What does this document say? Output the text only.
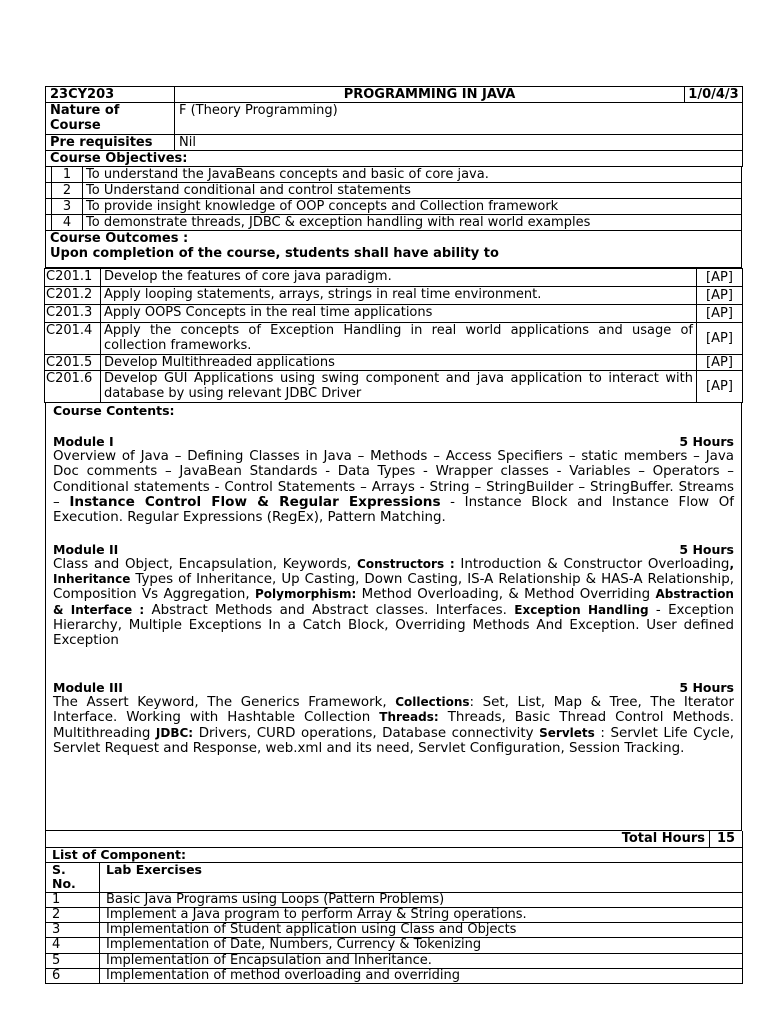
23CY203	PROGRAMMING IN JAVA	1/0/4/3
Nature of Course	F (Theory Programming)	
Pre requisites	Nil	
Course Objectives:		
	1	To understand the JavaBeans concepts and basic of core java.
	2	To Understand conditional and control statements
	3	To provide insight knowledge of OOP concepts and Collection framework
	4	To demonstrate threads, JDBC & exception handling with real world examples
Course Outcomes :
Upon completion of the course, students shall have ability to
C201.1	Develop the features of core java paradigm.	[AP]
C201.2	Apply looping statements, arrays, strings in real time environment.	[AP]
C201.3	Apply OOPS Concepts in the real time applications	[AP]
C201.4	Apply the concepts of Exception Handling in real world applications and usage of collection frameworks.	[AP]
C201.5	Develop Multithreaded applications	[AP]
C201.6	Develop GUI Applications using swing component and java application to interact with database by using relevant JDBC Driver	[AP]
Course Contents:
Module I	5 Hours
Overview of Java – Defining Classes in Java – Methods – Access Specifiers – static members – Java Doc comments – JavaBean Standards - Data Types - Wrapper classes - Variables – Operators –Conditional statements - Control Statements – Arrays - String – StringBuilder – StringBuffer. Streams – Instance Control Flow & Regular Expressions - Instance Block and Instance Flow Of Execution. Regular Expressions (RegEx), Pattern Matching.
Module II	5 Hours
Class and Object, Encapsulation, Keywords, Constructors : Introduction & Constructor Overloading, Inheritance Types of Inheritance, Up Casting, Down Casting, IS-A Relationship & HAS-A Relationship, Composition Vs Aggregation, Polymorphism: Method Overloading, & Method Overriding Abstraction & Interface : Abstract Methods and Abstract classes. Interfaces. Exception Handling - Exception Hierarchy, Multiple Exceptions In a Catch Block, Overriding Methods And Exception. User defined Exception
Module III	5 Hours
The Assert Keyword, The Generics Framework, Collections: Set, List, Map & Tree, The Iterator Interface. Working with Hashtable Collection Threads: Threads, Basic Thread Control Methods. Multithreading JDBC: Drivers, CURD operations, Database connectivity Servlets : Servlet Life Cycle, Servlet Request and Response, web.xml and its need, Servlet Configuration, Session Tracking.
Total Hours	15
List of Component:	
S. No.	Lab Exercises
1	Basic Java Programs using Loops (Pattern Problems)
2	Implement a Java program to perform Array & String operations.
3	Implementation of Student application using Class and Objects
4	Implementation of Date, Numbers, Currency & Tokenizing
5	Implementation of Encapsulation and Inheritance.
6	Implementation of method overloading and overriding
